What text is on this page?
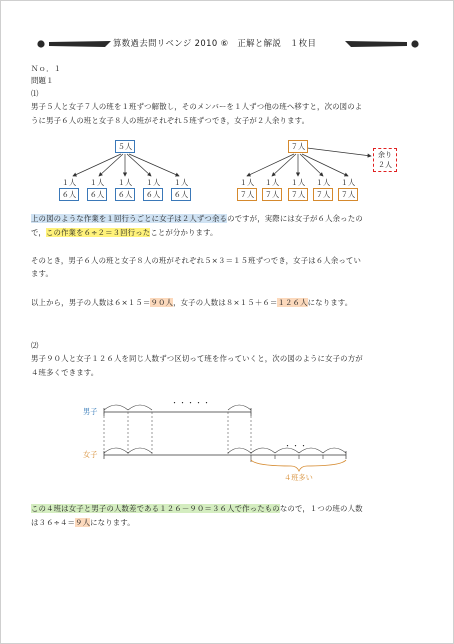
算数過去問リベンジ 2010 ⑥　正解と解説　１枚目
Ｎｏ．１
問題１
⑴
男子５人と女子７人の班を１班ずつ解散し，そのメンバーを１人ずつ他の班へ移すと，次の図のよ
うに男子６人の班と女子８人の班がそれぞれ５班ずつでき，女子が２人余ります。
５人	７人
余り
２人
１人	１人	１人	１人	１人
６人	６人	６人	６人	６人
１人	１人	１人	１人	１人
７人	７人	７人	７人	７人
上の図のような作業を１回行うごとに女子は２人ずつ余るのですが，実際には女子が６人余ったの
で，この作業を６÷２＝３回行ったことが分かります。
そのとき，男子６人の班と女子８人の班がそれぞれ５×３＝１５班ずつでき，女子は６人余ってい
ます。
以上から，男子の人数は６×１５＝９０人，女子の人数は８×１５＋６＝１２６人になります。
⑵
男子９０人と女子１２６人を同じ人数ずつ区切って班を作っていくと，次の図のように女子の方が
４班多くできます。
男子
女子
・・・・・
・・・
４班多い
この４班は女子と男子の人数差である１２６－９０＝３６人で作ったものなので，１つの班の人数
は３６÷４＝９人になります。
